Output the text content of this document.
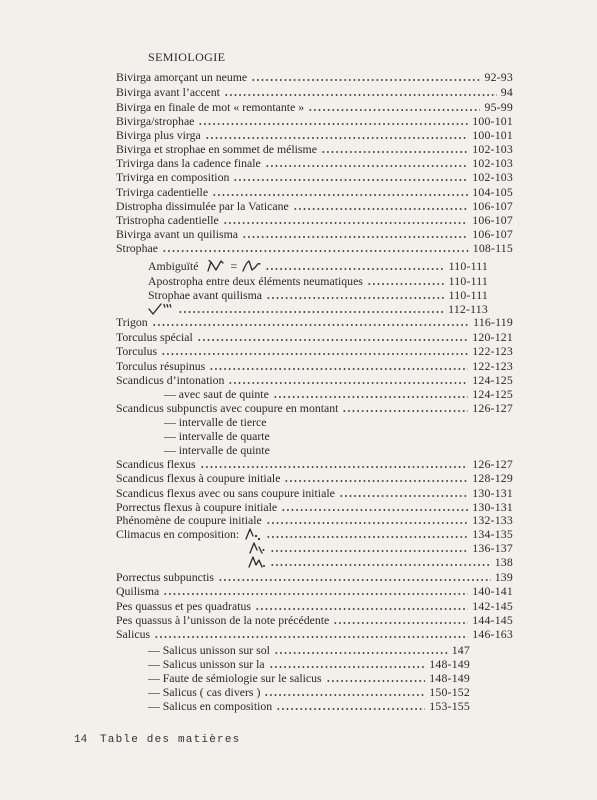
SEMIOLOGIE
Bivirga amorçant un neume	92-93
Bivirga avant l’accent	94
Bivirga en finale de mot « remontante »	95-99
Bivirga/strophae	100-101
Bivirga plus virga	100-101
Bivirga et strophae en sommet de mélisme	102-103
Trivirga dans la cadence finale	102-103
Trivirga en composition	102-103
Trivirga cadentielle	104-105
Distropha dissimulée par la Vaticane	106-107
Tristropha cadentielle	106-107
Bivirga avant un quilisma	106-107
Strophae	108-115
Ambiguïté	=	110-111
Apostropha entre deux éléments neumatiques	110-111
Strophae avant quilisma	110-111
112-113
Trigon	116-119
Torculus spécial	120-121
Torculus	122-123
Torculus résupinus	122-123
Scandicus d’intonation	124-125
— avec saut de quinte	124-125
Scandicus subpunctis avec coupure en montant	126-127
— intervalle de tierce
— intervalle de quarte
— intervalle de quinte
Scandicus flexus	126-127
Scandicus flexus à coupure initiale	128-129
Scandicus flexus avec ou sans coupure initiale	130-131
Porrectus flexus à coupure initiale	130-131
Phénomène de coupure initiale	132-133
Climacus en composition:	134-135
136-137
138
Porrectus subpunctis	139
Quilisma	140-141
Pes quassus et pes quadratus	142-145
Pes quassus à l’unisson de la note précédente	144-145
Salicus	146-163
— Salicus unisson sur sol	147
— Salicus unisson sur la	148-149
— Faute de sémiologie sur le salicus	148-149
— Salicus ( cas divers )	150-152
— Salicus en composition	153-155
14 Table des matières
